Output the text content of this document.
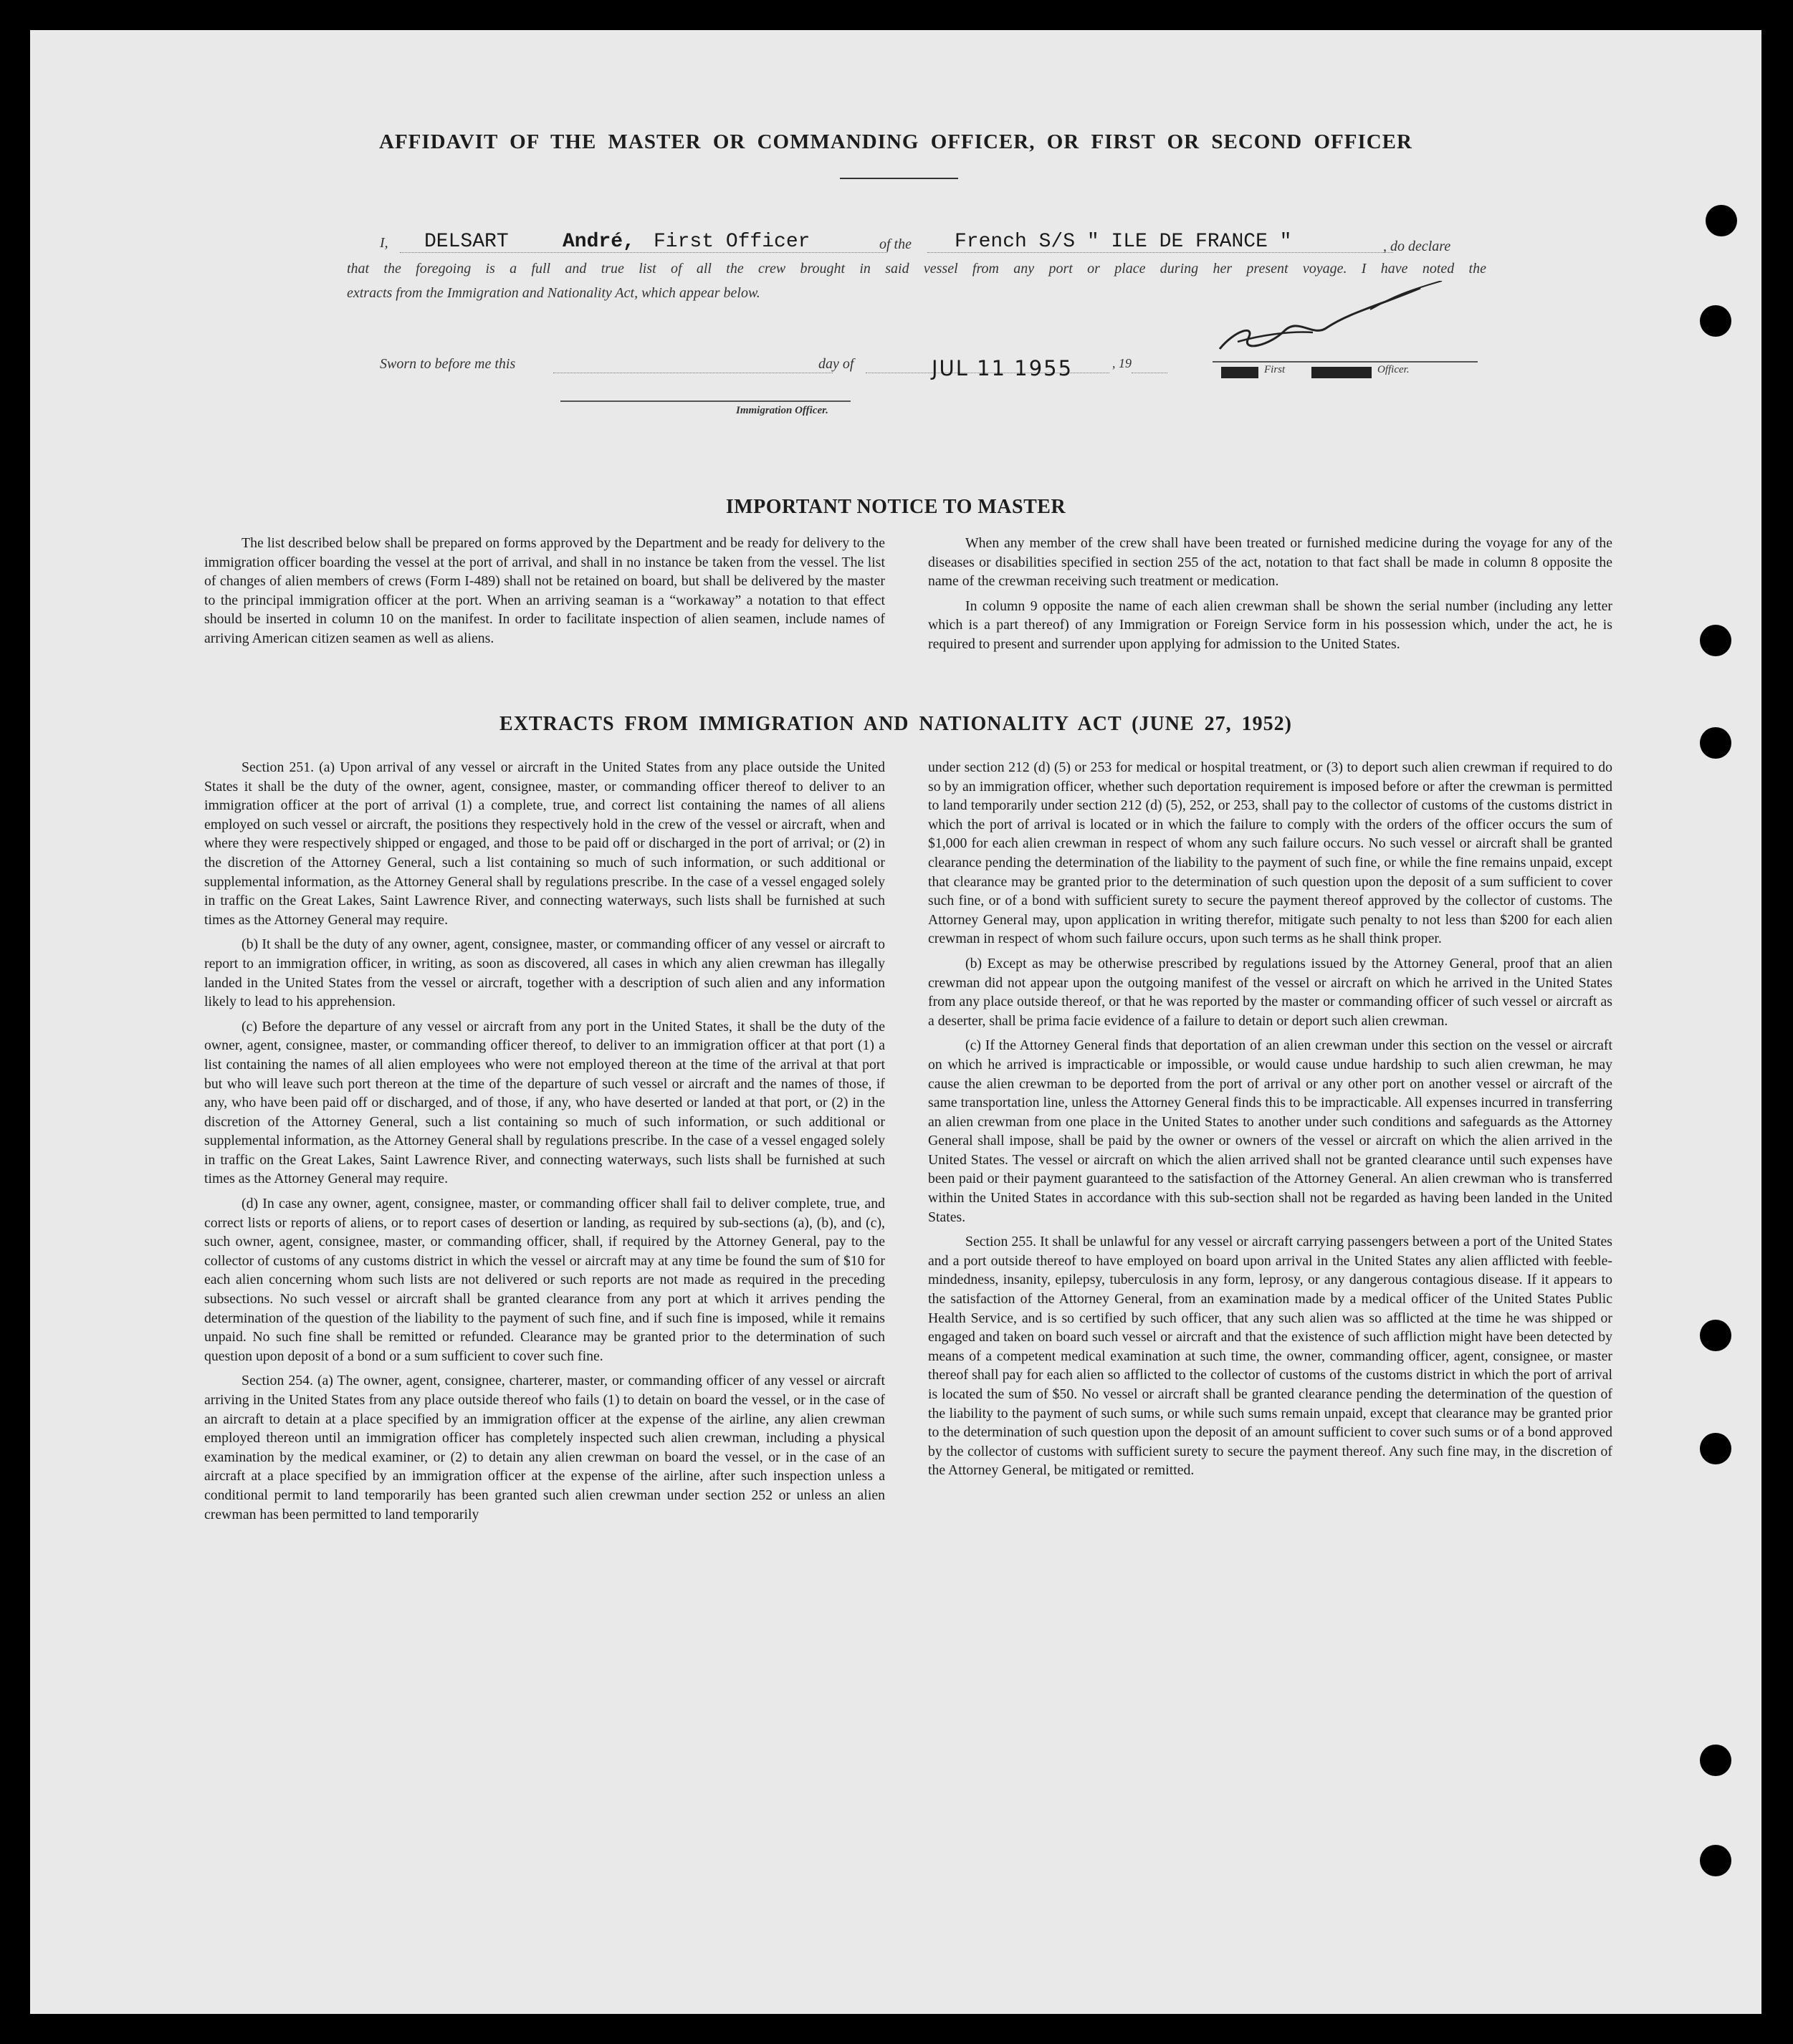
AFFIDAVIT OF THE MASTER OR COMMANDING OFFICER, OR FIRST OR SECOND OFFICER
I, DELSART	André, First Officer	of the French S/S " ILE DE FRANCE "	, do declare
that the foregoing is a full and true list of all the crew brought in said vessel from any port or place during her present voyage. I have noted the
extracts from the Immigration and Nationality Act, which appear below.
First	Officer.
Sworn to before me this	day of	JUL 11 1955	, 19
Immigration Officer.
IMPORTANT NOTICE TO MASTER

The list described below shall be prepared on forms approved by the Department and be ready for delivery to the immigration officer boarding the vessel at the port of arrival, and shall in no instance be taken from the vessel. The list of changes of alien members of crews (Form I-489) shall not be retained on board, but shall be delivered by the master to the principal immigration officer at the port. When an arriving seaman is a “workaway” a notation to that effect should be inserted in column 10 on the manifest. In order to facilitate inspection of alien seamen, include names of arriving American citizen seamen as well as aliens.

When any member of the crew shall have been treated or furnished medicine during the voyage for any of the diseases or disabilities specified in section 255 of the act, notation to that fact shall be made in column 8 opposite the name of the crewman receiving such treatment or medication.

In column 9 opposite the name of each alien crewman shall be shown the serial number (including any letter which is a part thereof) of any Immigration or Foreign Service form in his possession which, under the act, he is required to present and surrender upon applying for admission to the United States.

EXTRACTS FROM IMMIGRATION AND NATIONALITY ACT (JUNE 27, 1952)

Section 251. (a) Upon arrival of any vessel or aircraft in the United States from any place outside the United States it shall be the duty of the owner, agent, consignee, master, or commanding officer thereof to deliver to an immigration officer at the port of arrival (1) a complete, true, and correct list containing the names of all aliens employed on such vessel or aircraft, the positions they respectively hold in the crew of the vessel or aircraft, when and where they were respectively shipped or engaged, and those to be paid off or discharged in the port of arrival; or (2) in the discretion of the Attorney General, such a list containing so much of such information, or such additional or supplemental information, as the Attorney General shall by regulations prescribe. In the case of a vessel engaged solely in traffic on the Great Lakes, Saint Lawrence River, and connecting waterways, such lists shall be furnished at such times as the Attorney General may require.

(b) It shall be the duty of any owner, agent, consignee, master, or commanding officer of any vessel or aircraft to report to an immigration officer, in writing, as soon as discovered, all cases in which any alien crewman has illegally landed in the United States from the vessel or aircraft, together with a description of such alien and any information likely to lead to his apprehension.

(c) Before the departure of any vessel or aircraft from any port in the United States, it shall be the duty of the owner, agent, consignee, master, or commanding officer thereof, to deliver to an immigration officer at that port (1) a list containing the names of all alien employees who were not employed thereon at the time of the arrival at that port but who will leave such port thereon at the time of the departure of such vessel or aircraft and the names of those, if any, who have been paid off or discharged, and of those, if any, who have deserted or landed at that port, or (2) in the discretion of the Attorney General, such a list containing so much of such information, or such additional or supplemental information, as the Attorney General shall by regulations prescribe. In the case of a vessel engaged solely in traffic on the Great Lakes, Saint Lawrence River, and connecting waterways, such lists shall be furnished at such times as the Attorney General may require.

(d) In case any owner, agent, consignee, master, or commanding officer shall fail to deliver complete, true, and correct lists or reports of aliens, or to report cases of desertion or landing, as required by sub-sections (a), (b), and (c), such owner, agent, consignee, master, or commanding officer, shall, if required by the Attorney General, pay to the collector of customs of any customs district in which the vessel or aircraft may at any time be found the sum of $10 for each alien concerning whom such lists are not delivered or such reports are not made as required in the preceding subsections. No such vessel or aircraft shall be granted clearance from any port at which it arrives pending the determination of the question of the liability to the payment of such fine, and if such fine is imposed, while it remains unpaid. No such fine shall be remitted or refunded. Clearance may be granted prior to the determination of such question upon deposit of a bond or a sum sufficient to cover such fine.

Section 254. (a) The owner, agent, consignee, charterer, master, or commanding officer of any vessel or aircraft arriving in the United States from any place outside thereof who fails (1) to detain on board the vessel, or in the case of an aircraft to detain at a place specified by an immigration officer at the expense of the airline, any alien crewman employed thereon until an immigration officer has completely inspected such alien crewman, including a physical examination by the medical examiner, or (2) to detain any alien crewman on board the vessel, or in the case of an aircraft at a place specified by an immigration officer at the expense of the airline, after such inspection unless a conditional permit to land temporarily has been granted such alien crewman under section 252 or unless an alien crewman has been permitted to land temporarily

under section 212 (d) (5) or 253 for medical or hospital treatment, or (3) to deport such alien crewman if required to do so by an immigration officer, whether such deportation requirement is imposed before or after the crewman is permitted to land temporarily under section 212 (d) (5), 252, or 253, shall pay to the collector of customs of the customs district in which the port of arrival is located or in which the failure to comply with the orders of the officer occurs the sum of $1,000 for each alien crewman in respect of whom any such failure occurs. No such vessel or aircraft shall be granted clearance pending the determination of the liability to the payment of such fine, or while the fine remains unpaid, except that clearance may be granted prior to the determination of such question upon the deposit of a sum sufficient to cover such fine, or of a bond with sufficient surety to secure the payment thereof approved by the collector of customs. The Attorney General may, upon application in writing therefor, mitigate such penalty to not less than $200 for each alien crewman in respect of whom such failure occurs, upon such terms as he shall think proper.

(b) Except as may be otherwise prescribed by regulations issued by the Attorney General, proof that an alien crewman did not appear upon the outgoing manifest of the vessel or aircraft on which he arrived in the United States from any place outside thereof, or that he was reported by the master or commanding officer of such vessel or aircraft as a deserter, shall be prima facie evidence of a failure to detain or deport such alien crewman.

(c) If the Attorney General finds that deportation of an alien crewman under this section on the vessel or aircraft on which he arrived is impracticable or impossible, or would cause undue hardship to such alien crewman, he may cause the alien crewman to be deported from the port of arrival or any other port on another vessel or aircraft of the same transportation line, unless the Attorney General finds this to be impracticable. All expenses incurred in transferring an alien crewman from one place in the United States to another under such conditions and safeguards as the Attorney General shall impose, shall be paid by the owner or owners of the vessel or aircraft on which the alien arrived in the United States. The vessel or aircraft on which the alien arrived shall not be granted clearance until such expenses have been paid or their payment guaranteed to the satisfaction of the Attorney General. An alien crewman who is transferred within the United States in accordance with this sub-section shall not be regarded as having been landed in the United States.

Section 255. It shall be unlawful for any vessel or aircraft carrying passengers between a port of the United States and a port outside thereof to have employed on board upon arrival in the United States any alien afflicted with feeble-mindedness, insanity, epilepsy, tuberculosis in any form, leprosy, or any dangerous contagious disease. If it appears to the satisfaction of the Attorney General, from an examination made by a medical officer of the United States Public Health Service, and is so certified by such officer, that any such alien was so afflicted at the time he was shipped or engaged and taken on board such vessel or aircraft and that the existence of such affliction might have been detected by means of a competent medical examination at such time, the owner, commanding officer, agent, consignee, or master thereof shall pay for each alien so afflicted to the collector of customs of the customs district in which the port of arrival is located the sum of $50. No vessel or aircraft shall be granted clearance pending the determination of the question of the liability to the payment of such sums, or while such sums remain unpaid, except that clearance may be granted prior to the determination of such question upon the deposit of an amount sufficient to cover such sums or of a bond approved by the collector of customs with sufficient surety to secure the payment thereof. Any such fine may, in the discretion of the Attorney General, be mitigated or remitted.
